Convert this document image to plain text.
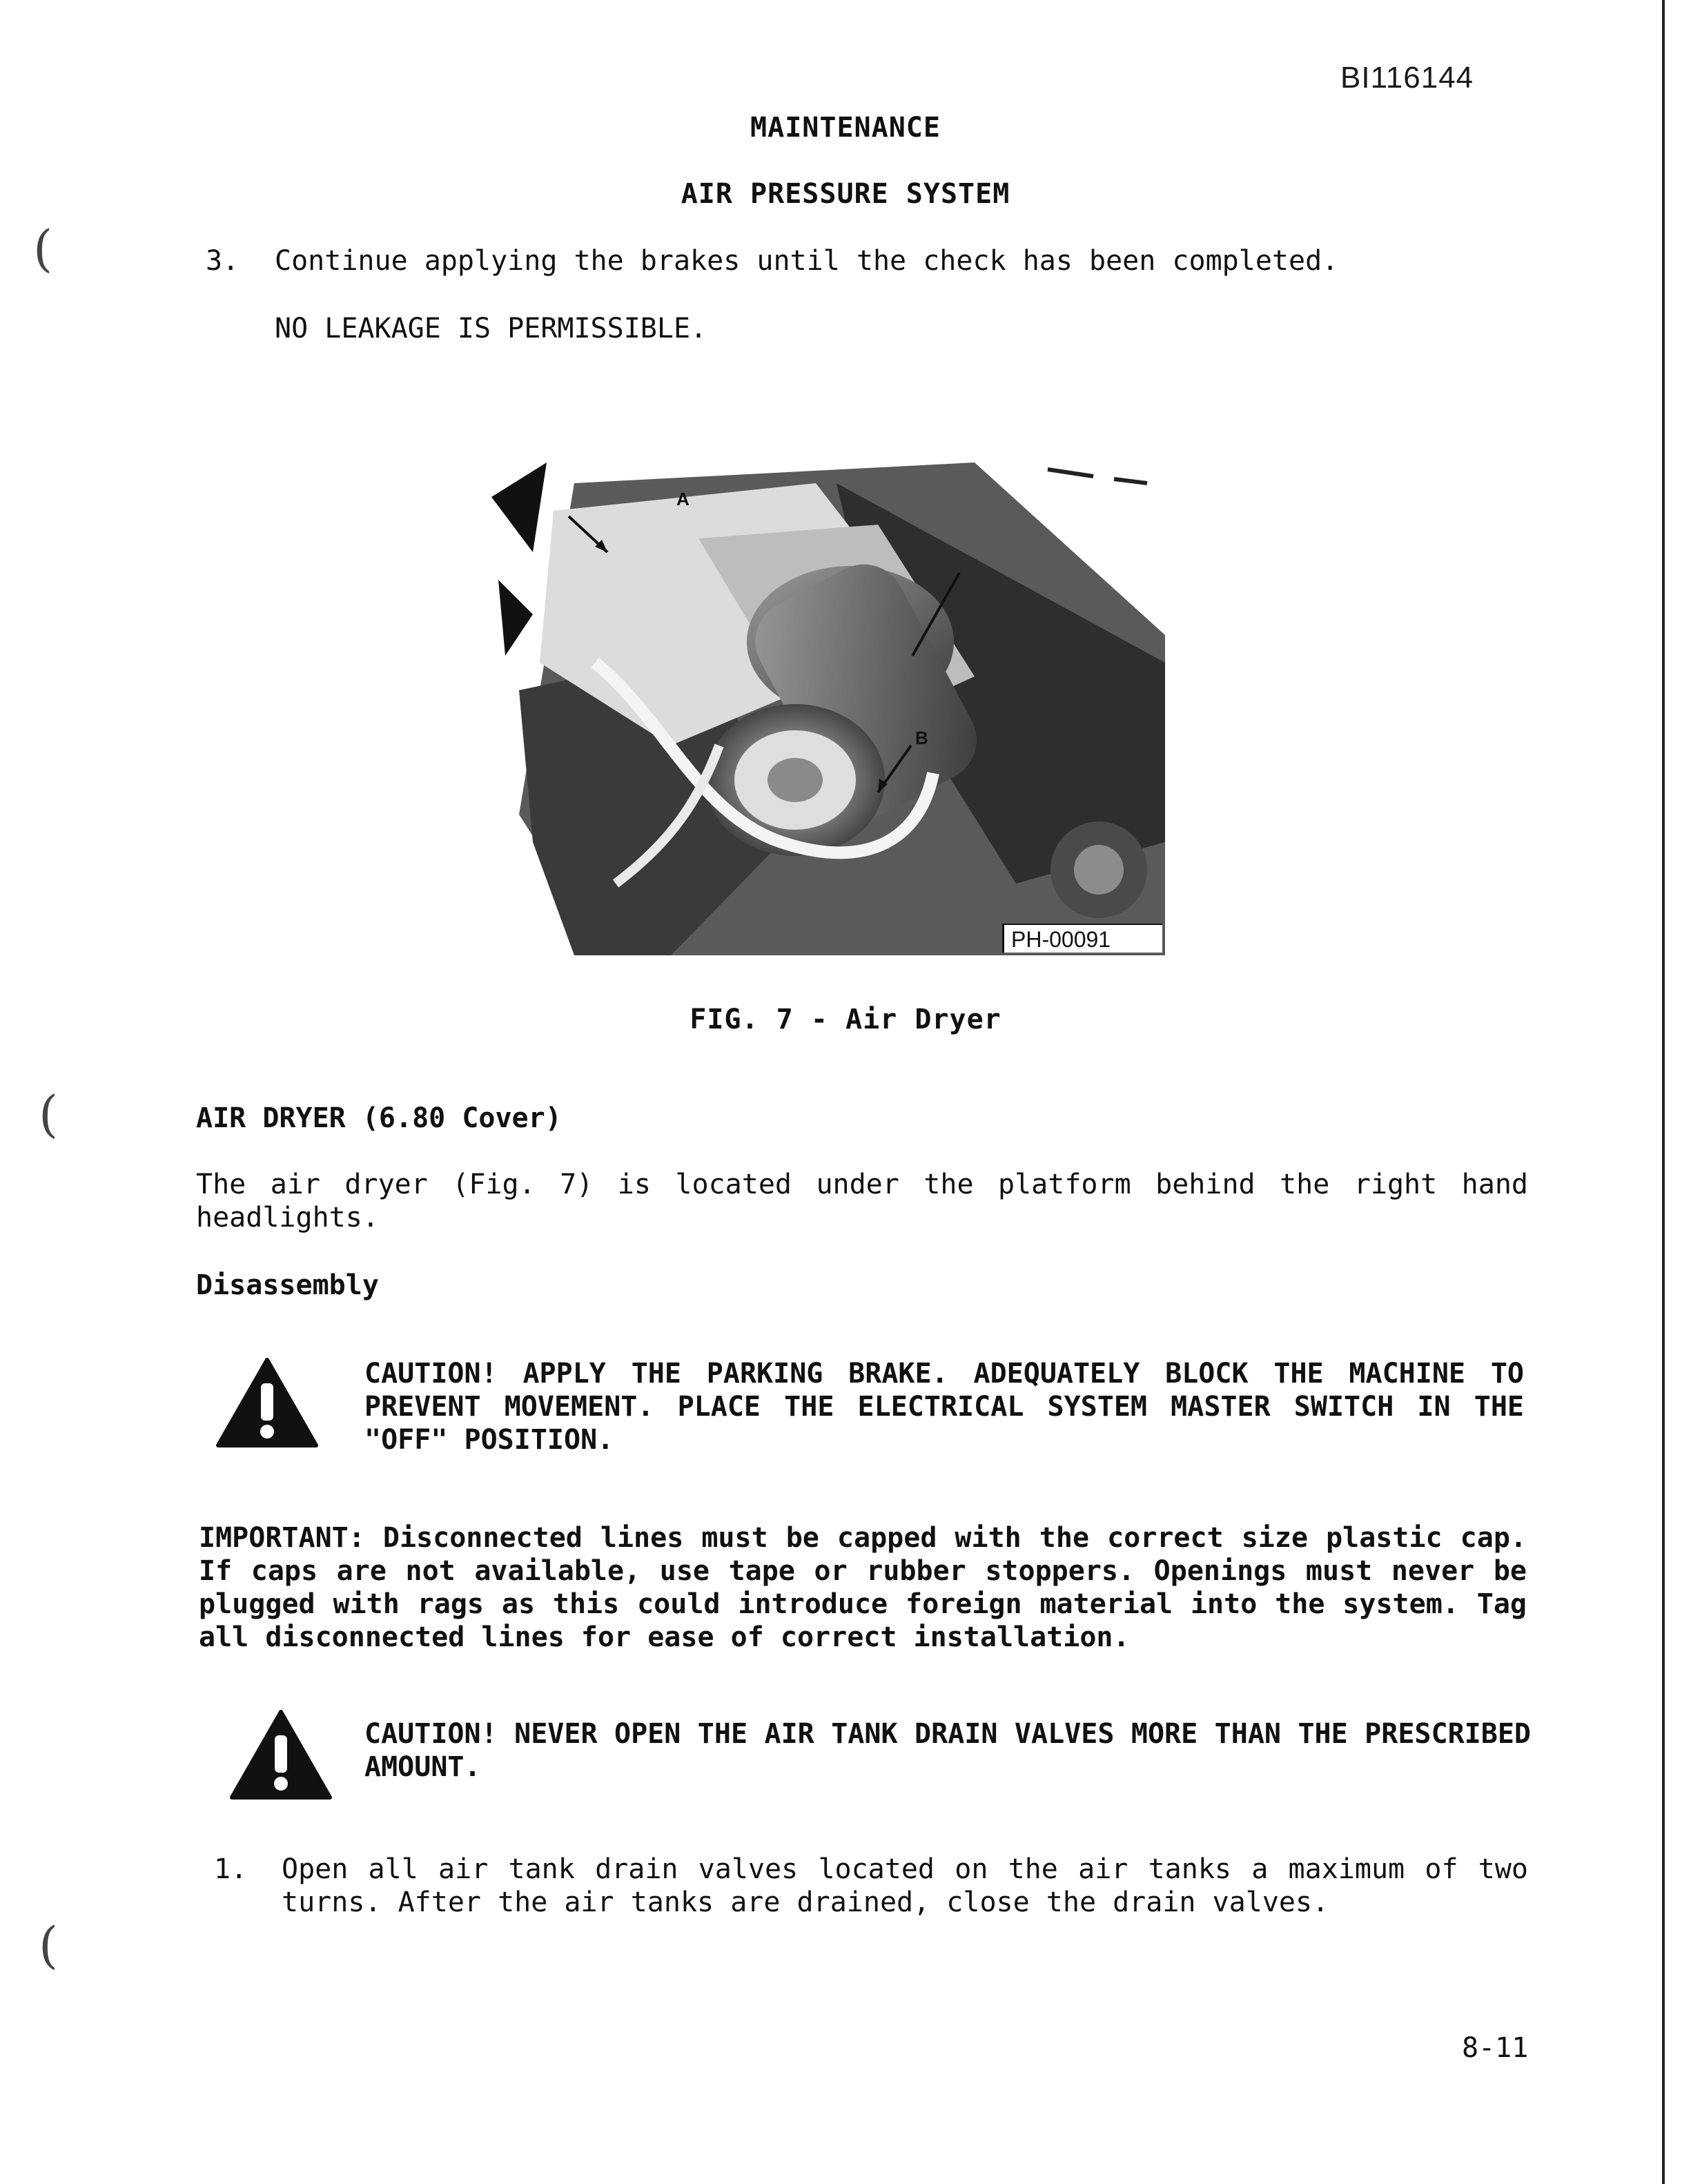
(
(
(
BI116144
MAINTENANCE
AIR PRESSURE SYSTEM
3. Continue applying the brakes until the check has been completed.
NO LEAKAGE IS PERMISSIBLE.
A
B
PH-00091
FIG. 7 - Air Dryer
AIR DRYER (6.80 Cover)
The air dryer (Fig. 7) is located under the platform behind the right hand headlights.
Disassembly
CAUTION! APPLY THE PARKING BRAKE. ADEQUATELY BLOCK THE MACHINE TO PREVENT MOVEMENT. PLACE THE ELECTRICAL SYSTEM MASTER SWITCH IN THE "OFF" POSITION.
IMPORTANT: Disconnected lines must be capped with the correct size plastic cap. If caps are not available, use tape or rubber stoppers. Openings must never be plugged with rags as this could introduce foreign material into the system. Tag all disconnected lines for ease of correct installation.
CAUTION! NEVER OPEN THE AIR TANK DRAIN VALVES MORE THAN THE PRESCRIBED AMOUNT.
1. Open all air tank drain valves located on the air tanks a maximum of two turns. After the air tanks are drained, close the drain valves.
8-11
